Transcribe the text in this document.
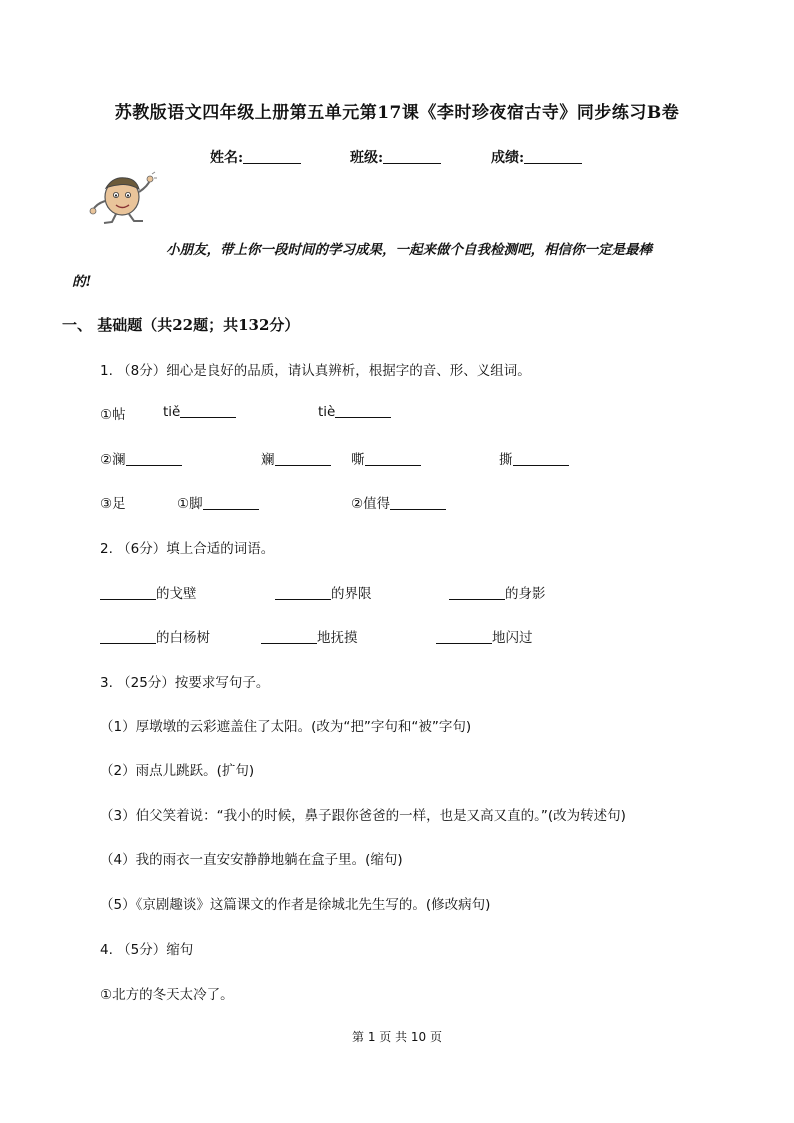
苏教版语文四年级上册第五单元第17课《李时珍夜宿古寺》同步练习B卷
姓名:	班级:	成绩:
小朋友，带上你一段时间的学习成果，一起来做个自我检测吧，相信你一定是最棒
的!
一、 基础题（共22题；共132分）
1. （8分）细心是良好的品质，请认真辨析，根据字的音、形、义组词。
①帖	tiě	tiè
②澜	斓	嘶	撕
③足	①脚	②值得
2. （6分）填上合适的词语。
的戈壁	的界限	的身影
的白杨树	地抚摸	地闪过
3. （25分）按要求写句子。
（1）厚墩墩的云彩遮盖住了太阳。(改为“把”字句和“被”字句)
（2）雨点儿跳跃。(扩句)
（3）伯父笑着说：“我小的时候，鼻子跟你爸爸的一样，也是又高又直的。”(改为转述句)
（4）我的雨衣一直安安静静地躺在盒子里。(缩句)
（5）《京剧趣谈》这篇课文的作者是徐城北先生写的。(修改病句)
4. （5分）缩句
①北方的冬天太冷了。
第 1 页 共 10 页
